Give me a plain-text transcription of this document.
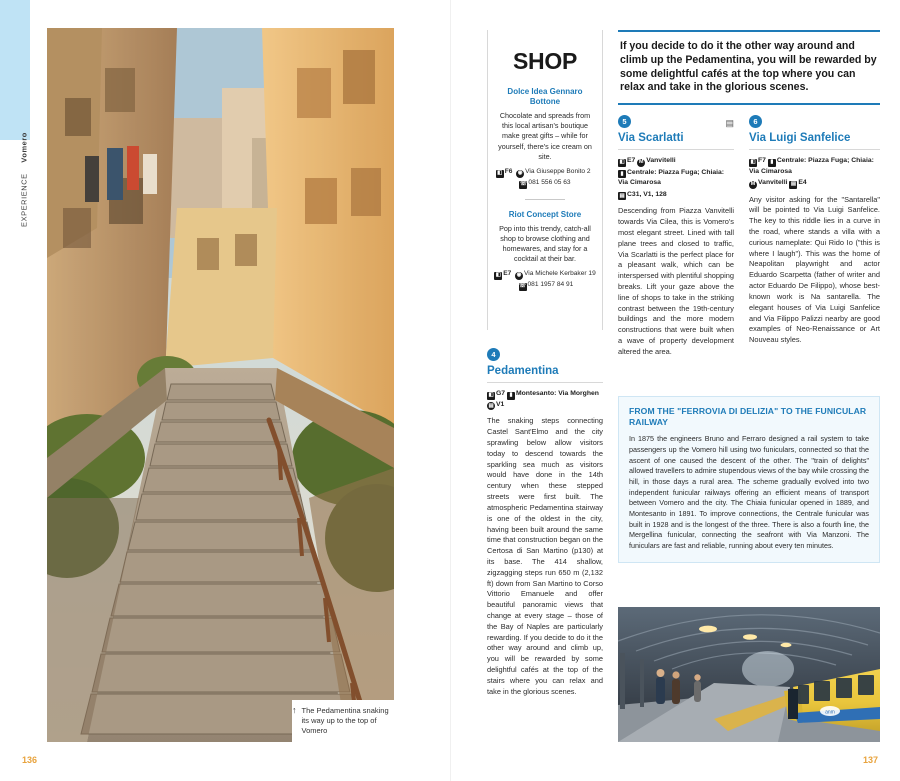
EXPERIENCE    Vomero
↑ The Pedamentina snaking its way up to the top of Vomero
136	137
SHOP
Dolce Idea Gennaro Bottone
Chocolate and spreads from this local artisan's boutique make great gifts – while for yourself, there's ice cream on site.
◧ F6 ◉ Via Giuseppe Bonito 2  ☏ 081 556 05 63
Riot Concept Store
Pop into this trendy, catch-all shop to browse clothing and homewares, and stay for a cocktail at their bar.
◧ E7 ◉ Via Michele Kerbaker 19  ☏ 081 1957 84 91
If you decide to do it the other way around and climb up the Pedamentina, you will be rewarded by some delightful cafés at the top where you can relax and take in the glorious scenes.
5	▤
Via Scarlatti
◧ E7 M Vanvitelli
▮ Centrale: Piazza Fuga; Chiaia: Via Cimarosa
▤ C31, V1, 128
Descending from Piazza Vanvitelli towards Via Cilea, this is Vomero's most elegant street. Lined with tall plane trees and closed to traffic, Via Scarlatti is the perfect place for a pleasant walk, which can be interspersed with plentiful shopping breaks. Lift your gaze above the line of shops to take in the striking contrast between the 19th-century buildings and the more modern constructions that were built when a wave of property development altered the area.
6
Via Luigi Sanfelice
◧ F7 ▮ Centrale: Piazza Fuga; Chiaia: Via Cimarosa
M Vanvitelli ▤ E4
Any visitor asking for the "Santarella" will be pointed to Via Luigi Sanfelice. The key to this riddle lies in a curve in the road, where stands a villa with a curious nameplate: Qui Rido Io ("this is where I laugh"). This was the home of Neapolitan playwright and actor Eduardo Scarpetta (father of writer and actor Eduardo De Filippo), whose best-known work is Na santarella. The elegant houses of Via Luigi Sanfelice and Via Filippo Palizzi nearby are good examples of Neo-Renaissance or Art Nouveau styles.
4
Pedamentina
◧ G7 ▮ Montesanto: Via Morghen ▤ V1
The snaking steps connecting Castel Sant'Elmo and the city sprawling below allow visitors today to descend towards the sparkling sea much as visitors would have done in the 14th century when these stepped streets were first built. The atmospheric Pedamentina stairway is one of the oldest in the city, having been built around the same time that construction began on the Certosa di San Martino (p130) at its base. The 414 shallow, zigzagging steps run 650 m (2,132 ft) down from San Martino to Corso Vittorio Emanuele and offer beautiful panoramic views that change at every stage – those of the Bay of Naples are particularly rewarding. If you decide to do it the other way around and climb up, you will be rewarded by some delightful cafés at the top of the stairs where you can relax and take in the glorious scenes.
FROM THE "FERROVIA DI DELIZIA" TO THE FUNICULAR RAILWAY
In 1875 the engineers Bruno and Ferraro designed a rail system to take passengers up the Vomero hill using two funiculars, connected so that the ascent of one caused the descent of the other. The "train of delights" allowed travellers to admire stupendous views of the bay while crossing the hill, in those days a rural area. The scheme gradually evolved into two independent funicular railways offering an efficient means of transport between Vomero and the city. The Chiaia funicular opened in 1889, and Montesanto in 1891. To improve connections, the Centrale funicular was built in 1928 and is the longest of the three. There is also a fourth line, the Mergellina funicular, connecting the seafront with Via Manzoni. The funiculars are fast and reliable, running about every ten minutes.
anm
